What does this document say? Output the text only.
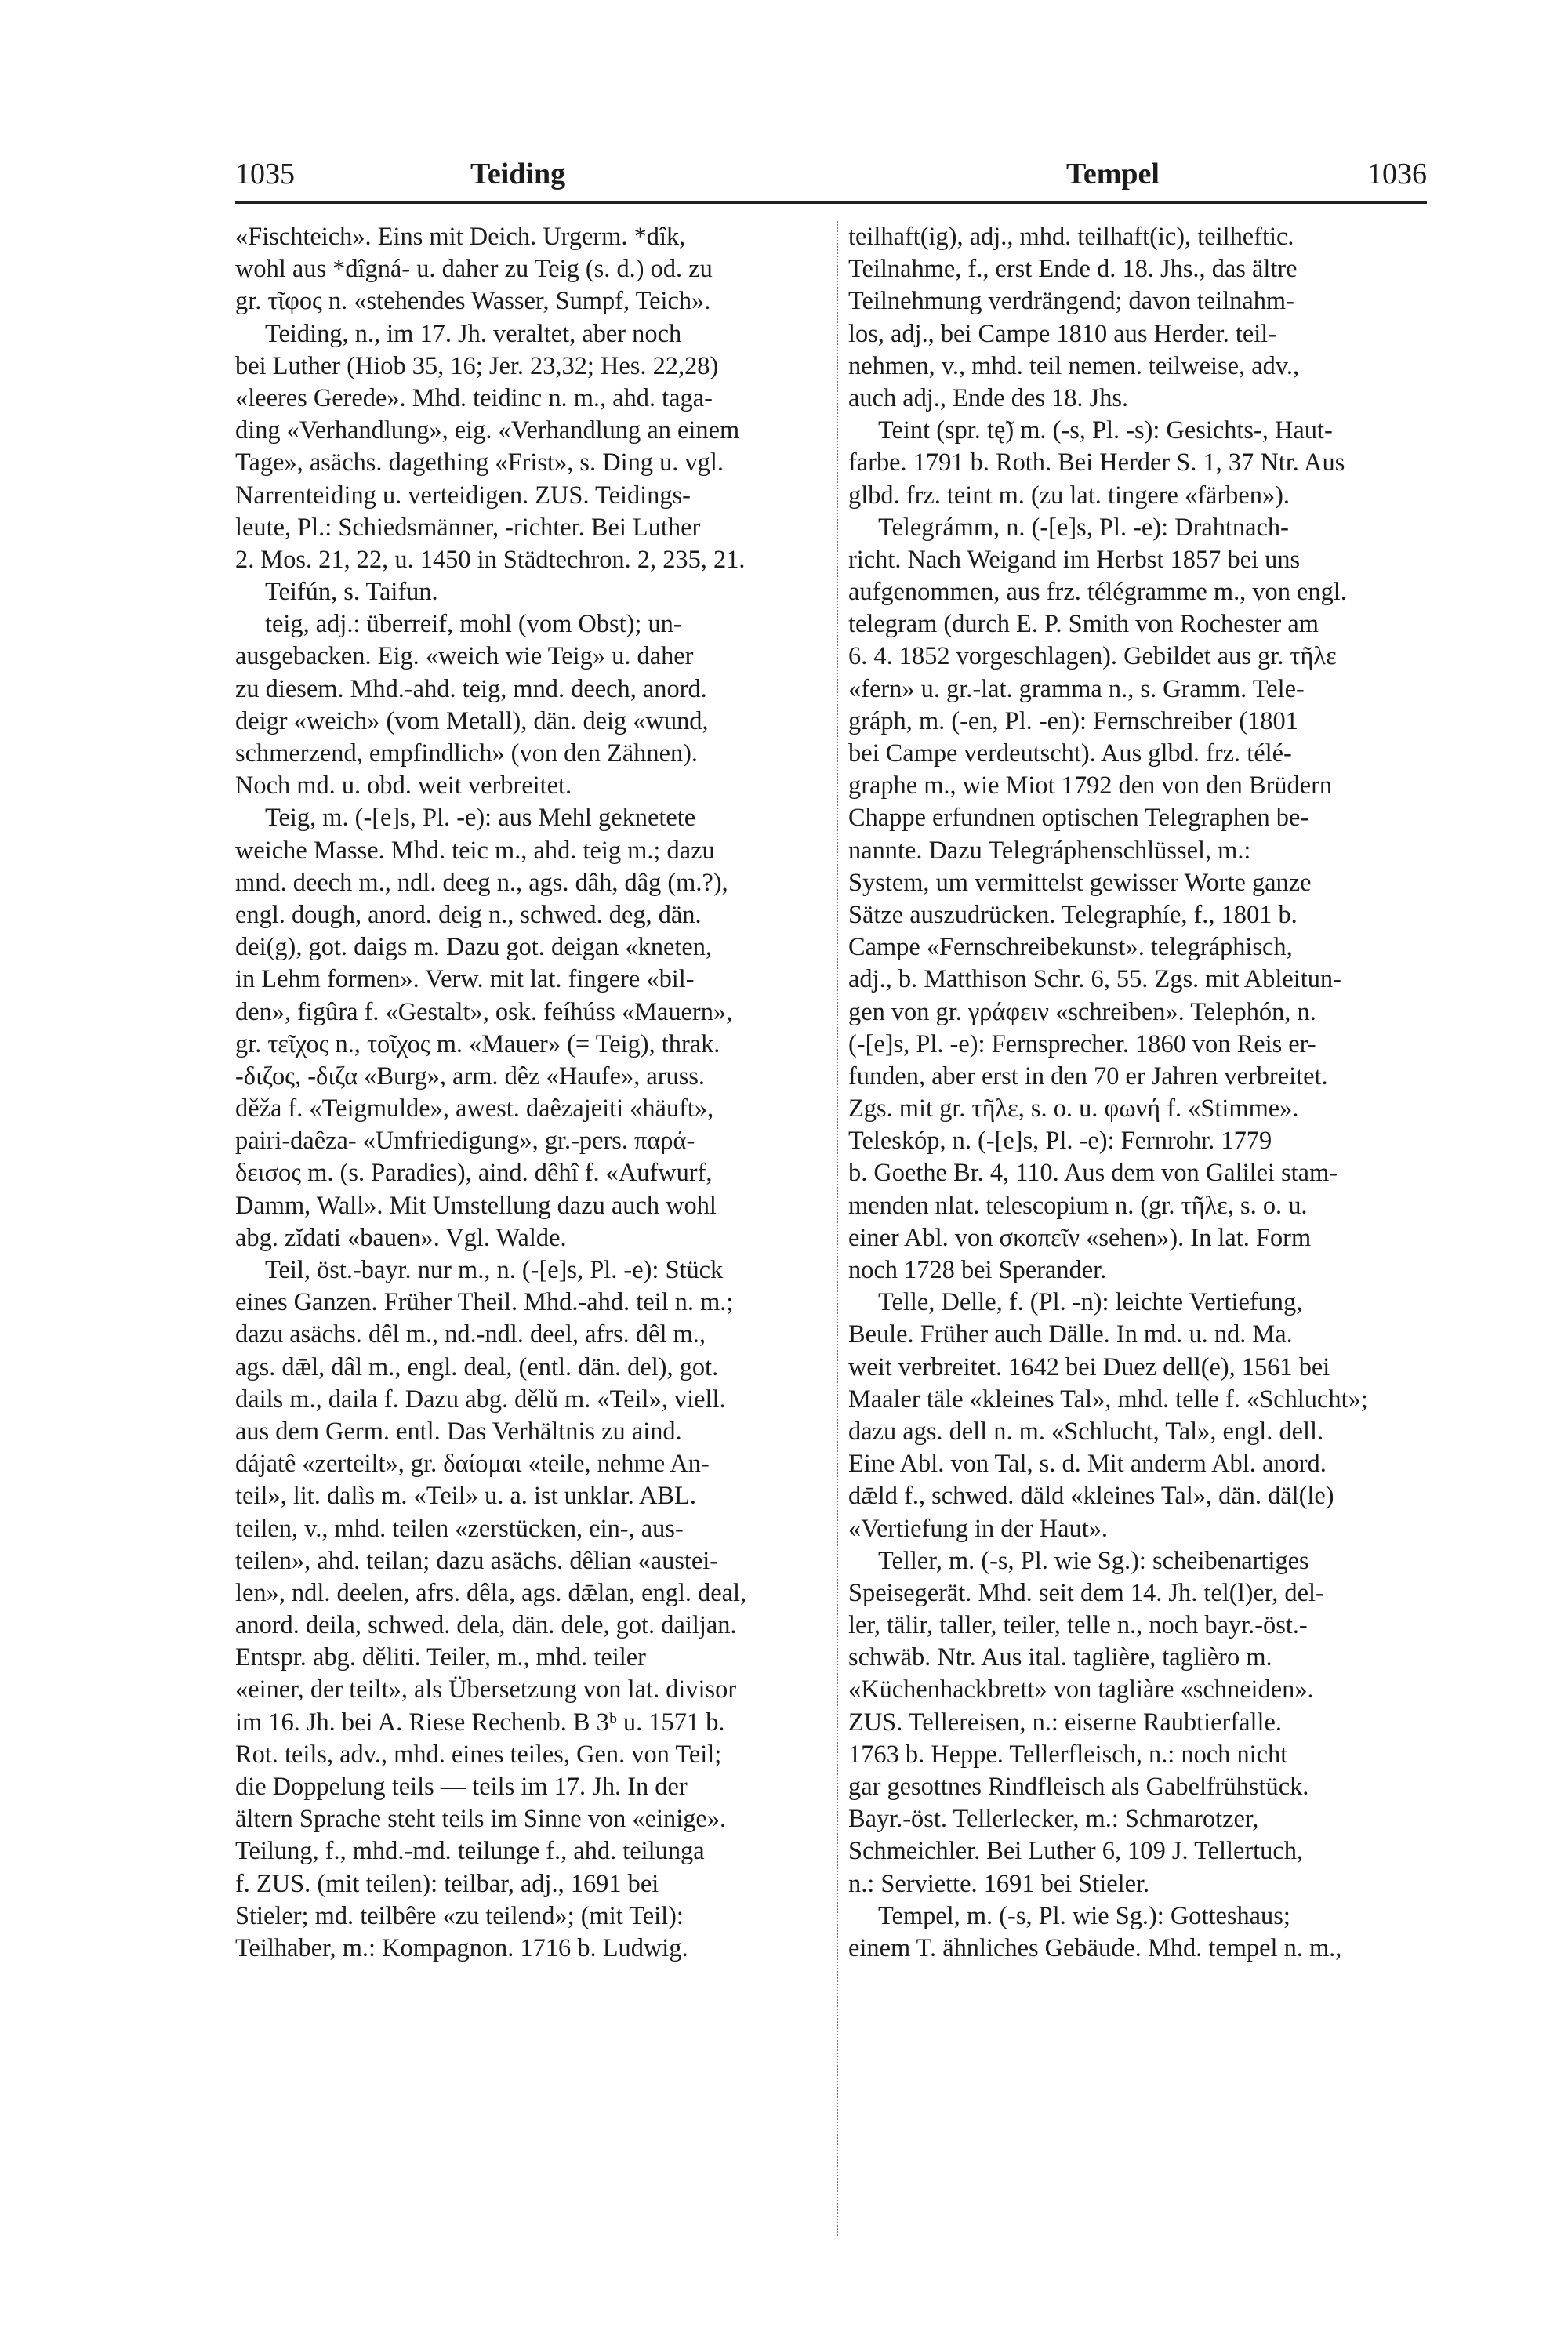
1035	Teiding	Tempel	1036
«Fischteich». Eins mit Deich. Urgerm. *dîk,
wohl aus *dîgná- u. daher zu Teig (s. d.) od. zu
gr. τῖφος n. «stehendes Wasser, Sumpf, Teich».
Teiding, n., im 17. Jh. veraltet, aber noch
bei Luther (Hiob 35, 16; Jer. 23,32; Hes. 22,28)
«leeres Gerede». Mhd. teidinc n. m., ahd. taga-
ding «Verhandlung», eig. «Verhandlung an einem
Tage», asächs. dagething «Frist», s. Ding u. vgl.
Narrenteiding u. verteidigen. ZUS. Teidings-
leute, Pl.: Schiedsmänner, -richter. Bei Luther
2. Mos. 21, 22, u. 1450 in Städtechron. 2, 235, 21.
Teifún, s. Taifun.
teig, adj.: überreif, mohl (vom Obst); un-
ausgebacken. Eig. «weich wie Teig» u. daher
zu diesem. Mhd.-ahd. teig, mnd. deech, anord.
deigr «weich» (vom Metall), dän. deig «wund,
schmerzend, empfindlich» (von den Zähnen).
Noch md. u. obd. weit verbreitet.
Teig, m. (-[e]s, Pl. -e): aus Mehl geknetete
weiche Masse. Mhd. teic m., ahd. teig m.; dazu
mnd. deech m., ndl. deeg n., ags. dâh, dâg (m.?),
engl. dough, anord. deig n., schwed. deg, dän.
dei(g), got. daigs m. Dazu got. deigan «kneten,
in Lehm formen». Verw. mit lat. fingere «bil-
den», figûra f. «Gestalt», osk. feíhúss «Mauern»,
gr. τεῖχος n., τοῖχος m. «Mauer» (= Teig), thrak.
-διζος, -διζα «Burg», arm. dêz «Haufe», aruss.
děža f. «Teigmulde», awest. daêzajeiti «häuft»,
pairi-daêza- «Umfriedigung», gr.-pers. παρά-
δεισος m. (s. Paradies), aind. dêhî f. «Aufwurf,
Damm, Wall». Mit Umstellung dazu auch wohl
abg. zĭdati «bauen». Vgl. Walde.
Teil, öst.-bayr. nur m., n. (-[e]s, Pl. -e): Stück
eines Ganzen. Früher Theil. Mhd.-ahd. teil n. m.;
dazu asächs. dêl m., nd.-ndl. deel, afrs. dêl m.,
ags. dǣl, dâl m., engl. deal, (entl. dän. del), got.
dails m., daila f. Dazu abg. dělŭ m. «Teil», viell.
aus dem Germ. entl. Das Verhältnis zu aind.
dájatê «zerteilt», gr. δαίομαι «teile, nehme An-
teil», lit. dalìs m. «Teil» u. a. ist unklar. ABL.
teilen, v., mhd. teilen «zerstücken, ein-, aus-
teilen», ahd. teilan; dazu asächs. dêlian «austei-
len», ndl. deelen, afrs. dêla, ags. dǣlan, engl. deal,
anord. deila, schwed. dela, dän. dele, got. dailjan.
Entspr. abg. děliti. Teiler, m., mhd. teiler
«einer, der teilt», als Übersetzung von lat. divisor
im 16. Jh. bei A. Riese Rechenb. B 3ᵇ u. 1571 b.
Rot. teils, adv., mhd. eines teiles, Gen. von Teil;
die Doppelung teils — teils im 17. Jh. In der
ältern Sprache steht teils im Sinne von «einige».
Teilung, f., mhd.-md. teilunge f., ahd. teilunga
f. ZUS. (mit teilen): teilbar, adj., 1691 bei
Stieler; md. teilbêre «zu teilend»; (mit Teil):
Teilhaber, m.: Kompagnon. 1716 b. Ludwig.
teilhaft(ig), adj., mhd. teilhaft(ic), teilheftic.
Teilnahme, f., erst Ende d. 18. Jhs., das ältre
Teilnehmung verdrängend; davon teilnahm-
los, adj., bei Campe 1810 aus Herder. teil-
nehmen, v., mhd. teil nemen. teilweise, adv.,
auch adj., Ende des 18. Jhs.
Teint (spr. tę̃) m. (-s, Pl. -s): Gesichts-, Haut-
farbe. 1791 b. Roth. Bei Herder S. 1, 37 Ntr. Aus
glbd. frz. teint m. (zu lat. tingere «färben»).
Telegrámm, n. (-[e]s, Pl. -e): Drahtnach-
richt. Nach Weigand im Herbst 1857 bei uns
aufgenommen, aus frz. télégramme m., von engl.
telegram (durch E. P. Smith von Rochester am
6. 4. 1852 vorgeschlagen). Gebildet aus gr. τῆλε
«fern» u. gr.-lat. gramma n., s. Gramm. Tele-
gráph, m. (-en, Pl. -en): Fernschreiber (1801
bei Campe verdeutscht). Aus glbd. frz. télé-
graphe m., wie Miot 1792 den von den Brüdern
Chappe erfundnen optischen Telegraphen be-
nannte. Dazu Telegráphenschlüssel, m.:
System, um vermittelst gewisser Worte ganze
Sätze auszudrücken. Telegraphíe, f., 1801 b.
Campe «Fernschreibekunst». telegráphisch,
adj., b. Matthison Schr. 6, 55. Zgs. mit Ableitun-
gen von gr. γράφειν «schreiben». Telephón, n.
(-[e]s, Pl. -e): Fernsprecher. 1860 von Reis er-
funden, aber erst in den 70 er Jahren verbreitet.
Zgs. mit gr. τῆλε, s. o. u. φωνή f. «Stimme».
Teleskóp, n. (-[e]s, Pl. -e): Fernrohr. 1779
b. Goethe Br. 4, 110. Aus dem von Galilei stam-
menden nlat. telescopium n. (gr. τῆλε, s. o. u.
einer Abl. von σκοπεῖν «sehen»). In lat. Form
noch 1728 bei Sperander.
Telle, Delle, f. (Pl. -n): leichte Vertiefung,
Beule. Früher auch Dälle. In md. u. nd. Ma.
weit verbreitet. 1642 bei Duez dell(e), 1561 bei
Maaler täle «kleines Tal», mhd. telle f. «Schlucht»;
dazu ags. dell n. m. «Schlucht, Tal», engl. dell.
Eine Abl. von Tal, s. d. Mit anderm Abl. anord.
dǣld f., schwed. däld «kleines Tal», dän. däl(le)
«Vertiefung in der Haut».
Teller, m. (-s, Pl. wie Sg.): scheibenartiges
Speisegerät. Mhd. seit dem 14. Jh. tel(l)er, del-
ler, tälir, taller, teiler, telle n., noch bayr.-öst.-
schwäb. Ntr. Aus ital. taglière, taglièro m.
«Küchenhackbrett» von tagliàre «schneiden».
ZUS. Tellereisen, n.: eiserne Raubtierfalle.
1763 b. Heppe. Tellerfleisch, n.: noch nicht
gar gesottnes Rindfleisch als Gabelfrühstück.
Bayr.-öst. Tellerlecker, m.: Schmarotzer,
Schmeichler. Bei Luther 6, 109 J. Tellertuch,
n.: Serviette. 1691 bei Stieler.
Tempel, m. (-s, Pl. wie Sg.): Gotteshaus;
einem T. ähnliches Gebäude. Mhd. tempel n. m.,
